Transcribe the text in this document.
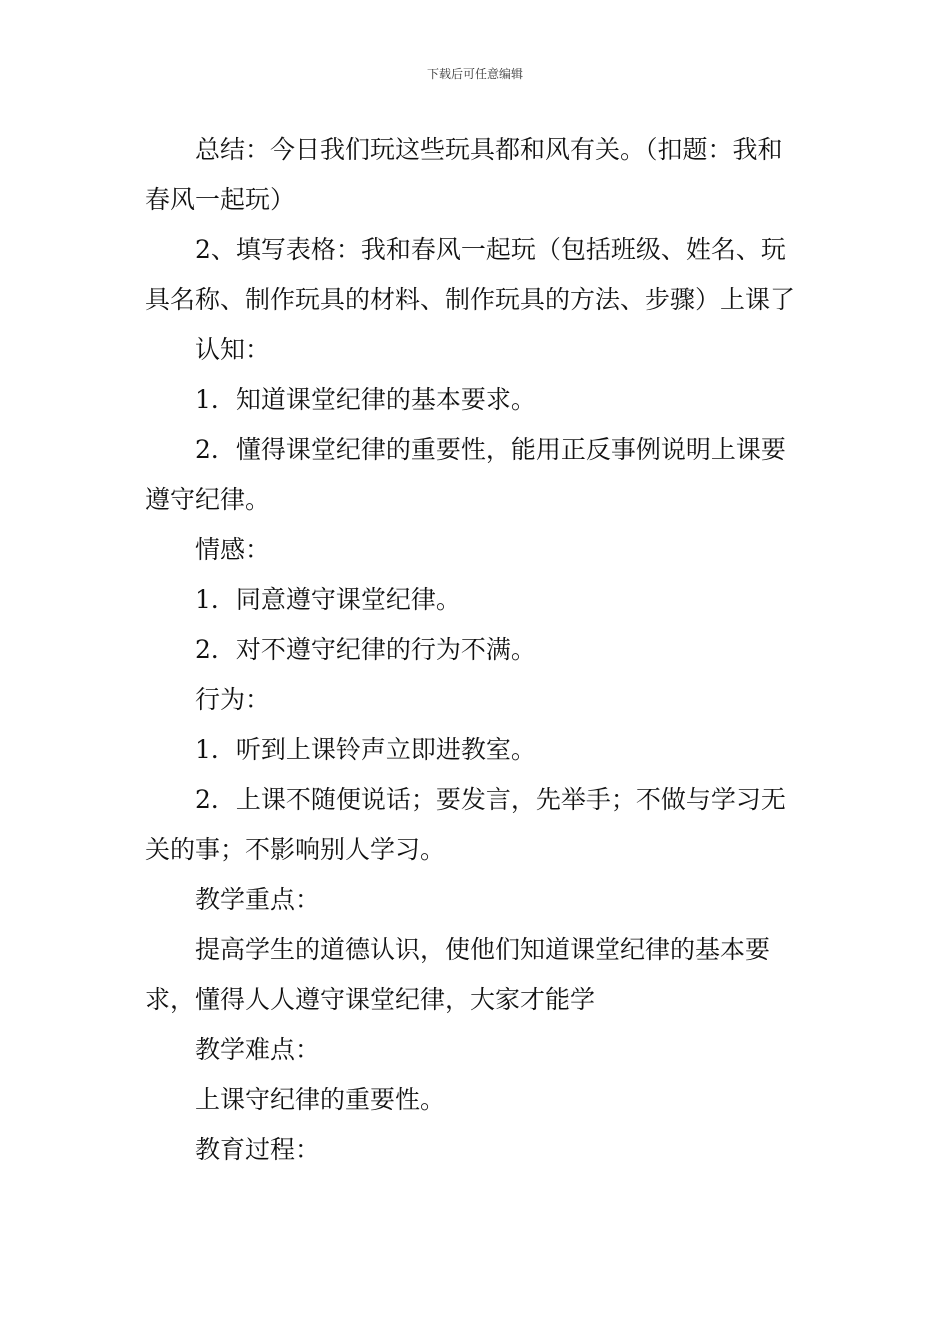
下载后可任意编辑

总结：今日我们玩这些玩具都和风有关。（扣题：我和春风一起玩）

2、填写表格：我和春风一起玩（包括班级、姓名、玩具名称、制作玩具的材料、制作玩具的方法、步骤）上课了

认知：

1．知道课堂纪律的基本要求。

2．懂得课堂纪律的重要性，能用正反事例说明上课要遵守纪律。

情感：

1．同意遵守课堂纪律。

2．对不遵守纪律的行为不满。

行为：

1．听到上课铃声立即进教室。

2．上课不随便说话；要发言，先举手；不做与学习无关的事；不影响别人学习。

教学重点：

提高学生的道德认识，使他们知道课堂纪律的基本要求，懂得人人遵守课堂纪律，大家才能学

教学难点：

上课守纪律的重要性。

教育过程：
